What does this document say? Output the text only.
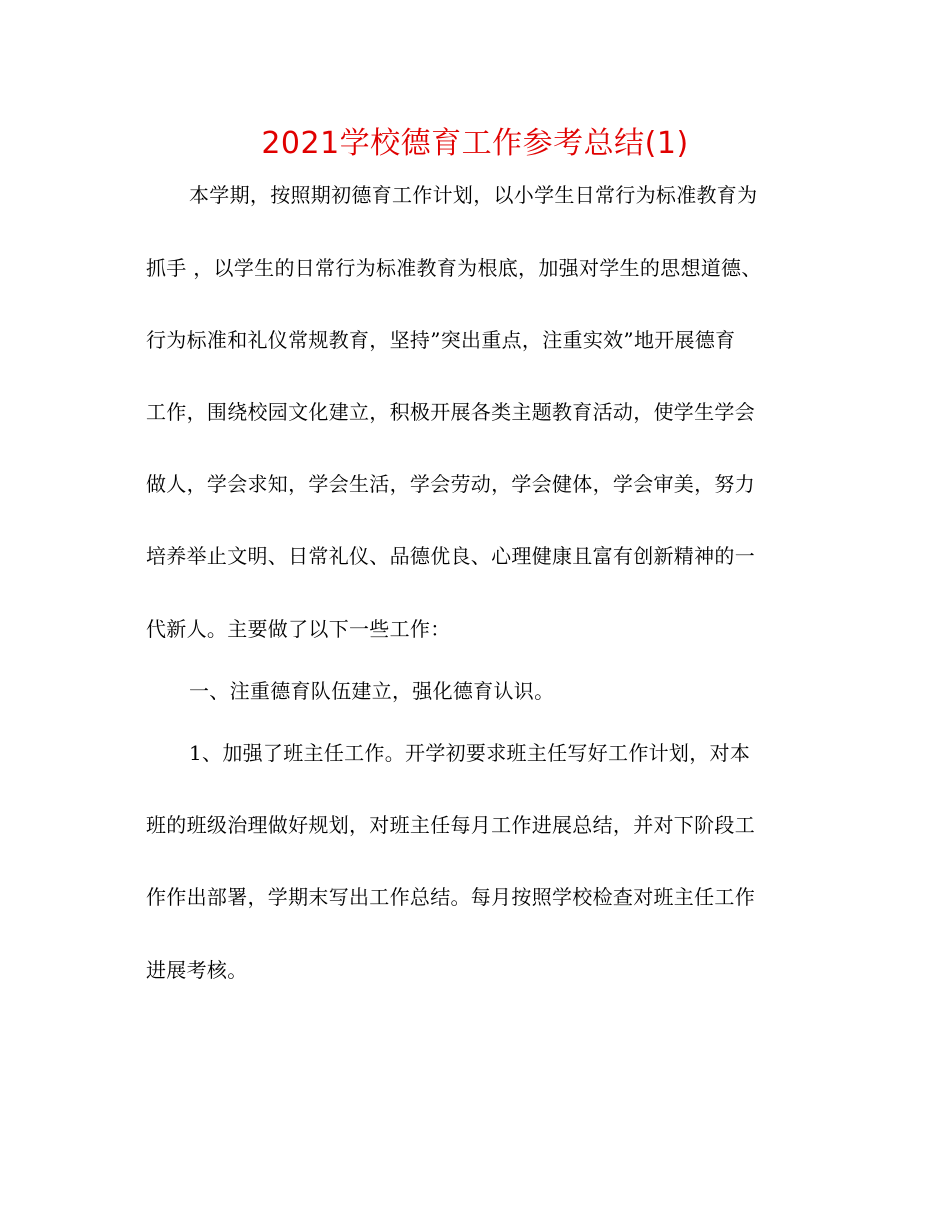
2021学校德育工作参考总结(1)
本学期，按照期初德育工作计划，以小学生日常行为标准教育为
抓手 ，以学生的日常行为标准教育为根底，加强对学生的思想道德、
行为标准和礼仪常规教育，坚持”突出重点，注重实效”地开展德育
工作，围绕校园文化建立，积极开展各类主题教育活动，使学生学会
做人，学会求知，学会生活，学会劳动，学会健体，学会审美，努力
培养举止文明、日常礼仪、品德优良、心理健康且富有创新精神的一
代新人。主要做了以下一些工作：
一、注重德育队伍建立，强化德育认识。
1、加强了班主任工作。开学初要求班主任写好工作计划，对本
班的班级治理做好规划，对班主任每月工作进展总结，并对下阶段工
作作出部署，学期末写出工作总结。每月按照学校检查对班主任工作
进展考核。
